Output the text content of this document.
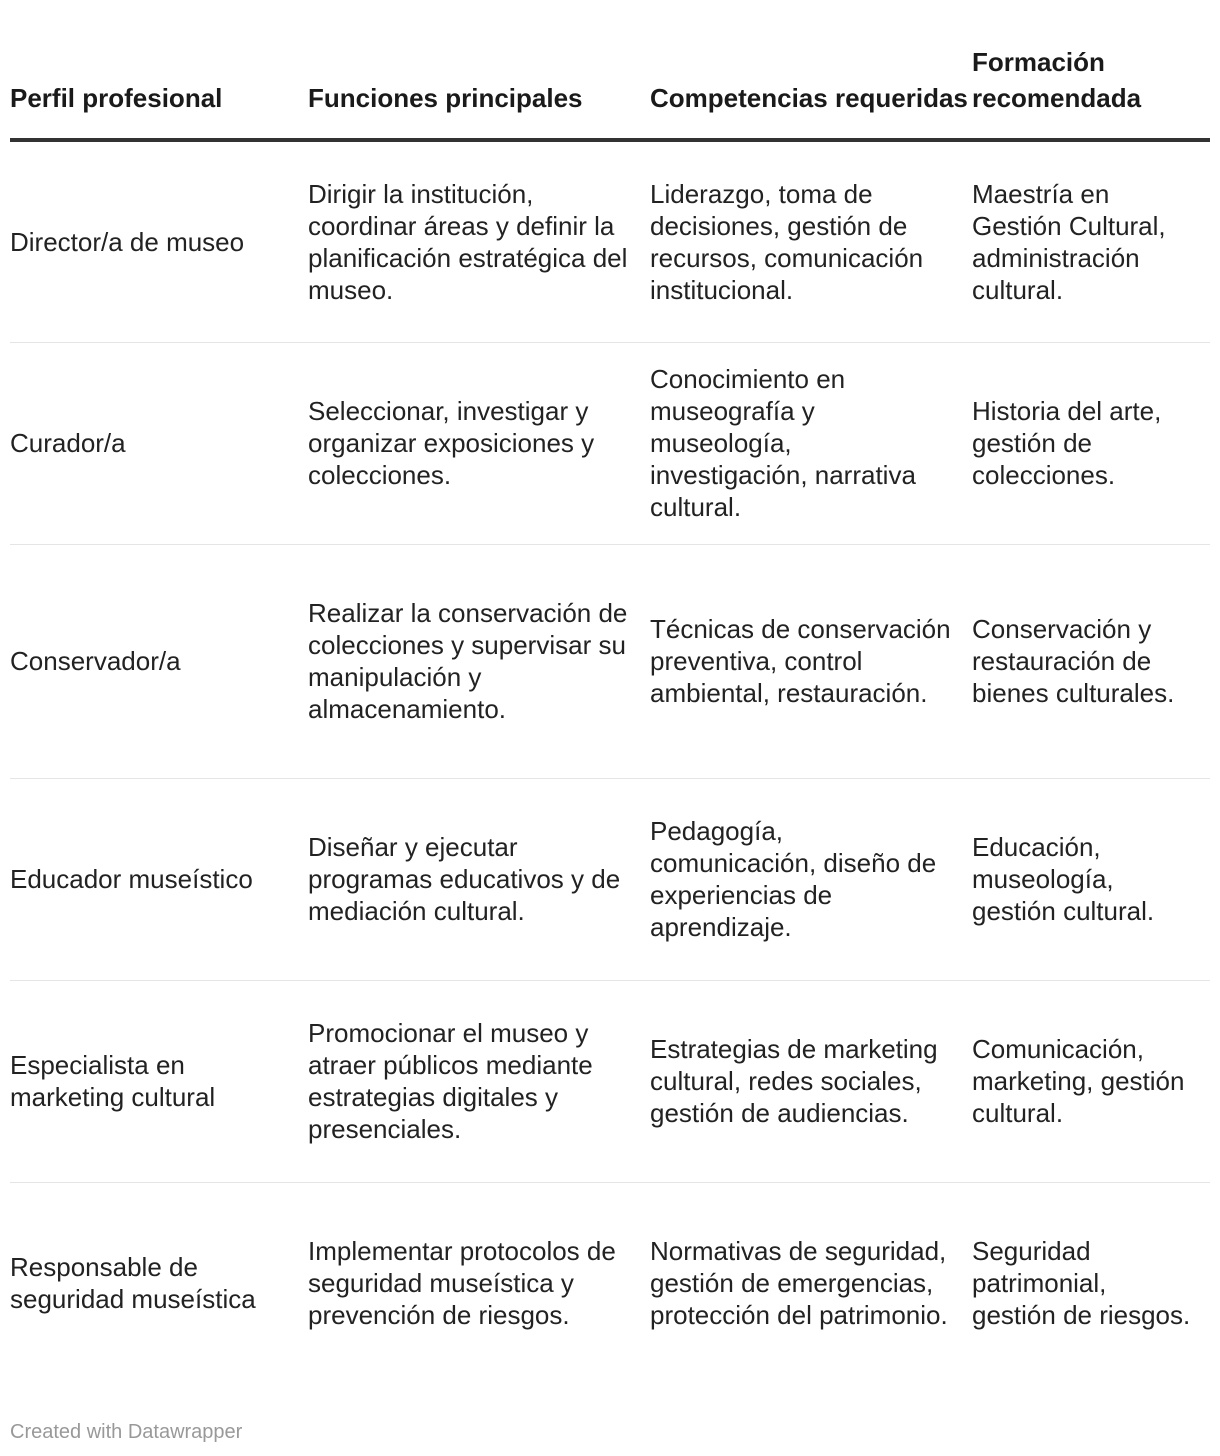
Perfil profesional	Funciones principales	Competencias requeridas	Formación recomendada

Director/a de museo	Dirigir la institución, coordinar áreas y definir la planificación estratégica del museo.	Liderazgo, toma de decisiones, gestión de recursos, comunicación institucional.	Maestría en Gestión Cultural, administración cultural.

Curador/a	Seleccionar, investigar y organizar exposiciones y colecciones.	Conocimiento en museografía y museología, investigación, narrativa cultural.	Historia del arte, gestión de colecciones.

Conservador/a	Realizar la conservación de colecciones y supervisar su manipulación y almacenamiento.	Técnicas de conservación preventiva, control ambiental, restauración.	Conservación y restauración de bienes culturales.

Educador museístico	Diseñar y ejecutar programas educativos y de mediación cultural.	Pedagogía, comunicación, diseño de experiencias de aprendizaje.	Educación, museología, gestión cultural.

Especialista en marketing cultural	Promocionar el museo y atraer públicos mediante estrategias digitales y presenciales.	Estrategias de marketing cultural, redes sociales, gestión de audiencias.	Comunicación, marketing, gestión cultural.

Responsable de seguridad museística	Implementar protocolos de seguridad museística y prevención de riesgos.	Normativas de seguridad, gestión de emergencias, protección del patrimonio.	Seguridad patrimonial, gestión de riesgos.
Created with Datawrapper
